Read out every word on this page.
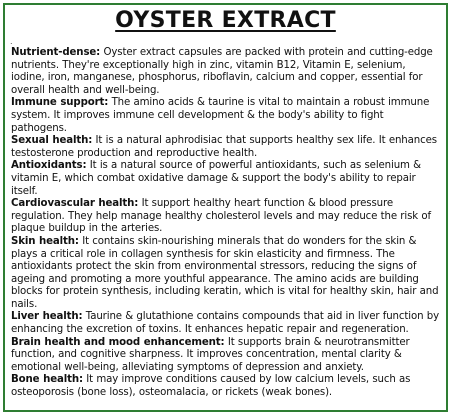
OYSTER EXTRACT
.

Nutrient-dense: Oyster extract capsules are packed with protein and cutting-edge nutrients. They're exceptionally high in zinc, vitamin B12, Vitamin E, selenium, iodine, iron, manganese, phosphorus, riboflavin, calcium and copper, essential for overall health and well-being.

Immune support: The amino acids & taurine is vital to maintain a robust immune system. It improves immune cell development & the body's ability to fight pathogens.

Sexual health: It is a natural aphrodisiac that supports healthy sex life. It enhances testosterone production and reproductive health.

Antioxidants: It is a natural source of powerful antioxidants, such as selenium & vitamin E, which combat oxidative damage & support the body's ability to repair itself.

Cardiovascular health: It support healthy heart function & blood pressure regulation. They help manage healthy cholesterol levels and may reduce the risk of plaque buildup in the arteries.

Skin health: It contains skin-nourishing minerals that do wonders for the skin & plays a critical role in collagen synthesis for skin elasticity and firmness. The antioxidants protect the skin from environmental stressors, reducing the signs of ageing and promoting a more youthful appearance. The amino acids are building blocks for protein synthesis, including keratin, which is vital for healthy skin, hair and nails.

Liver health: Taurine & glutathione contains compounds that aid in liver function by enhancing the excretion of toxins. It enhances hepatic repair and regeneration.

Brain health and mood enhancement: It supports brain & neurotransmitter function, and cognitive sharpness. It improves concentration, mental clarity & emotional well-being, alleviating symptoms of depression and anxiety.

Bone health: It may improve conditions caused by low calcium levels, such as osteoporosis (bone loss), osteomalacia, or rickets (weak bones).
